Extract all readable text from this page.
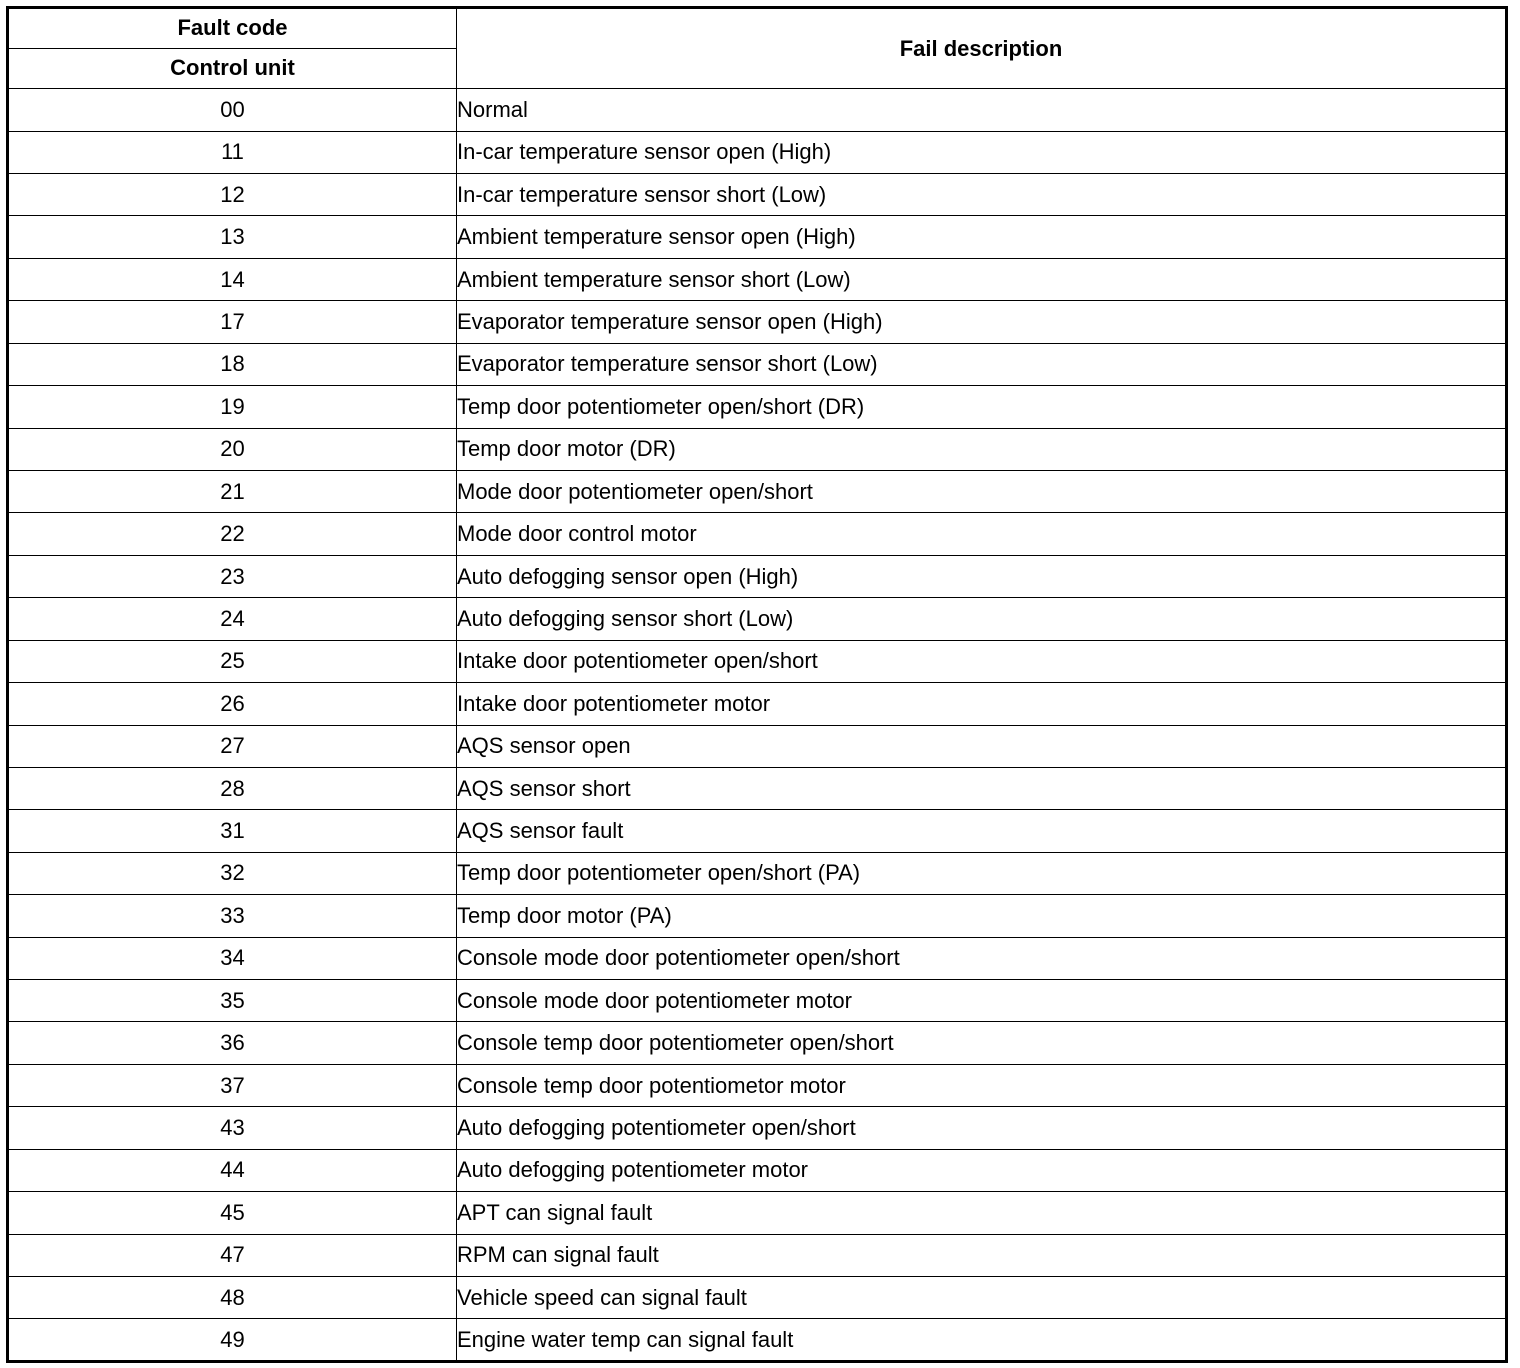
Fault code	Fail description
Control unit	
00	Normal
11	In-car temperature sensor open (High)
12	In-car temperature sensor short (Low)
13	Ambient temperature sensor open (High)
14	Ambient temperature sensor short (Low)
17	Evaporator temperature sensor open (High)
18	Evaporator temperature sensor short (Low)
19	Temp door potentiometer open/short (DR)
20	Temp door motor (DR)
21	Mode door potentiometer open/short
22	Mode door control motor
23	Auto defogging sensor open (High)
24	Auto defogging sensor short (Low)
25	Intake door potentiometer open/short
26	Intake door potentiometer motor
27	AQS sensor open
28	AQS sensor short
31	AQS sensor fault
32	Temp door potentiometer open/short (PA)
33	Temp door motor (PA)
34	Console mode door potentiometer open/short
35	Console mode door potentiometer motor
36	Console temp door potentiometer open/short
37	Console temp door potentiometor motor
43	Auto defogging potentiometer open/short
44	Auto defogging potentiometer motor
45	APT can signal fault
47	RPM can signal fault
48	Vehicle speed can signal fault
49	Engine water temp can signal fault
